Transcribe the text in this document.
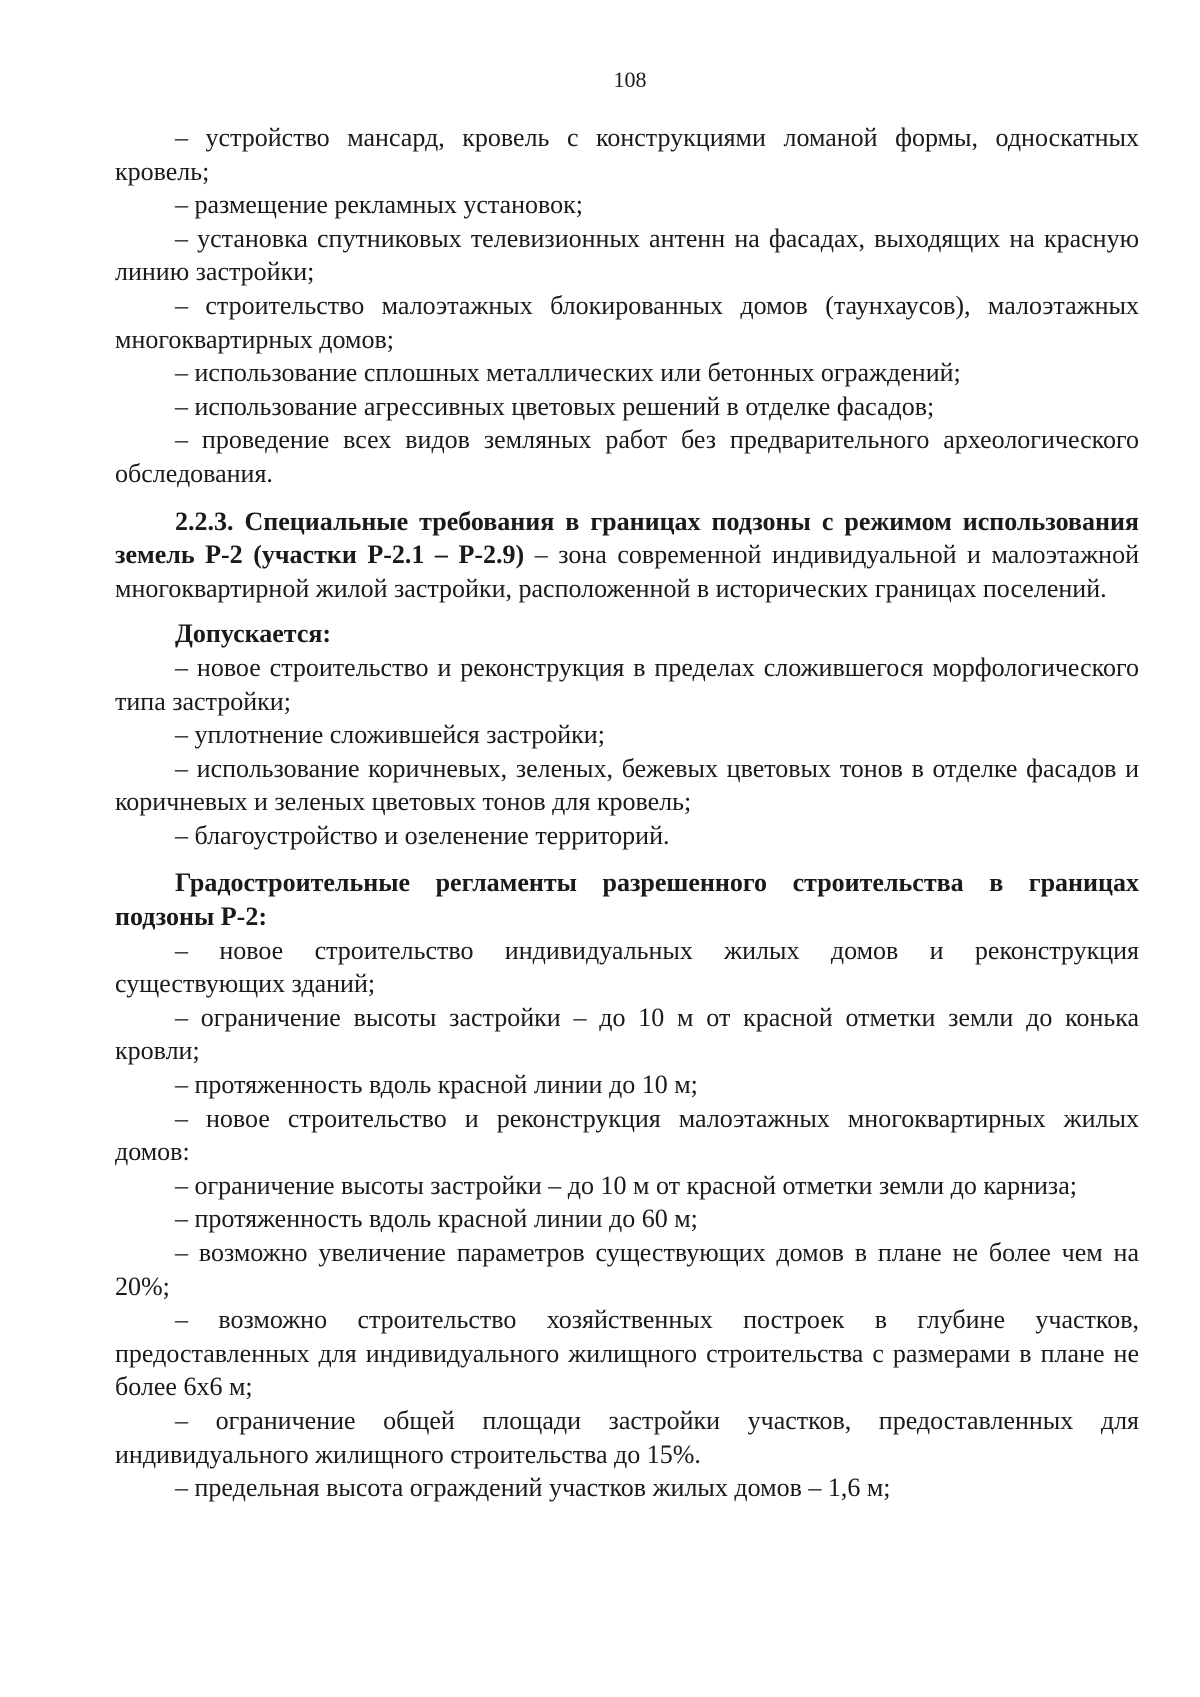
108

– устройство мансард, кровель с конструкциями ломаной формы, односкатных кровель;

– размещение рекламных установок;

– установка спутниковых телевизионных антенн на фасадах, выходящих на красную линию застройки;

– строительство малоэтажных блокированных домов (таунхаусов), малоэтажных многоквартирных домов;

– использование сплошных металлических или бетонных ограждений;

– использование агрессивных цветовых решений в отделке фасадов;

– проведение всех видов земляных работ без предварительного археологического обследования.

2.2.3. Специальные требования в границах подзоны с режимом использования земель Р-2 (участки Р-2.1 – Р-2.9) – зона современной индивидуальной и малоэтажной многоквартирной жилой застройки, расположенной в исторических границах поселений.

Допускается:

– новое строительство и реконструкция в пределах сложившегося морфологического типа застройки;

– уплотнение сложившейся застройки;

– использование коричневых, зеленых, бежевых цветовых тонов в отделке фасадов и коричневых и зеленых цветовых тонов для кровель;

– благоустройство и озеленение территорий.

Градостроительные регламенты разрешенного строительства в границах подзоны Р-2:

– новое строительство индивидуальных жилых домов и реконструкция существующих зданий;

– ограничение высоты застройки – до 10 м от красной отметки земли до конька кровли;

– протяженность вдоль красной линии до 10 м;

– новое строительство и реконструкция малоэтажных многоквартирных жилых домов:

– ограничение высоты застройки – до 10 м от красной отметки земли до карниза;

– протяженность вдоль красной линии до 60 м;

– возможно увеличение параметров существующих домов в плане не более чем на 20%;

– возможно строительство хозяйственных построек в глубине участков, предоставленных для индивидуального жилищного строительства с размерами в плане не более 6х6 м;

– ограничение общей площади застройки участков, предоставленных для индивидуального жилищного строительства до 15%.

– предельная высота ограждений участков жилых домов – 1,6 м;
